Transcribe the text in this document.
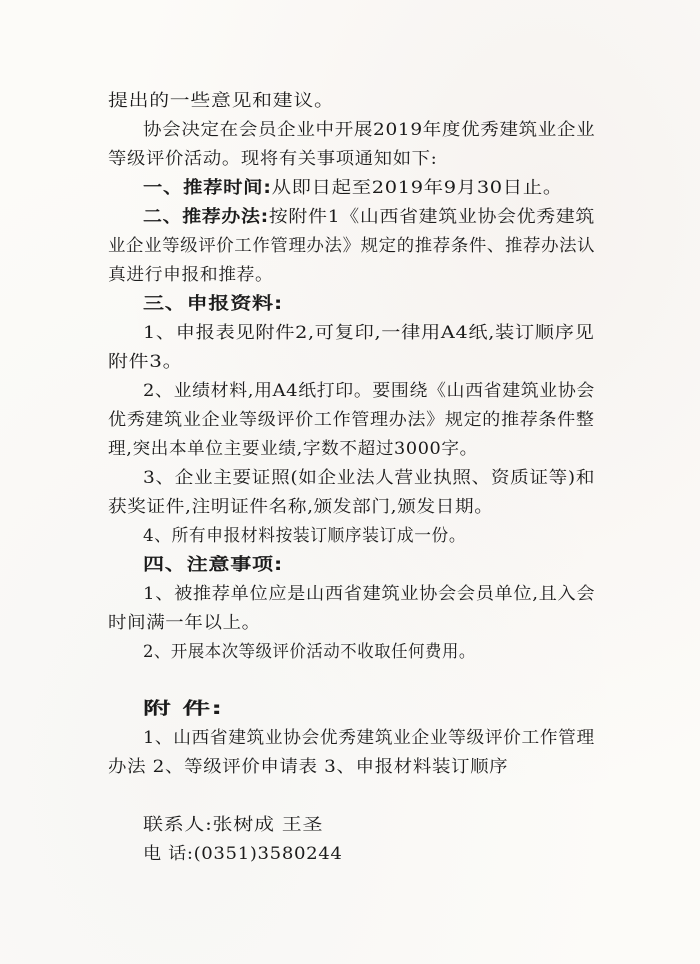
提出的一些意见和建议。
协会决定在会员企业中开展2019年度优秀建筑业企业
等级评价活动。现将有关事项通知如下:
一、推荐时间:从即日起至2019年9月30日止。
二、推荐办法:按附件1《山西省建筑业协会优秀建筑
业企业等级评价工作管理办法》规定的推荐条件、推荐办法认
真进行申报和推荐。
三、申报资料:
1、申报表见附件2,可复印,一律用A4纸,装订顺序见
附件3。
2、业绩材料,用A4纸打印。要围绕《山西省建筑业协会
优秀建筑业企业等级评价工作管理办法》规定的推荐条件整
理,突出本单位主要业绩,字数不超过3000字。
3、企业主要证照(如企业法人营业执照、资质证等)和
获奖证件,注明证件名称,颁发部门,颁发日期。
4、所有申报材料按装订顺序装订成一份。
四、注意事项:
1、被推荐单位应是山西省建筑业协会会员单位,且入会
时间满一年以上。
2、开展本次等级评价活动不收取任何费用。
附 件:
1、山西省建筑业协会优秀建筑业企业等级评价工作管理
办法 2、等级评价申请表 3、申报材料装订顺序
联系人:张树成 王圣
电 话:(0351)3580244
